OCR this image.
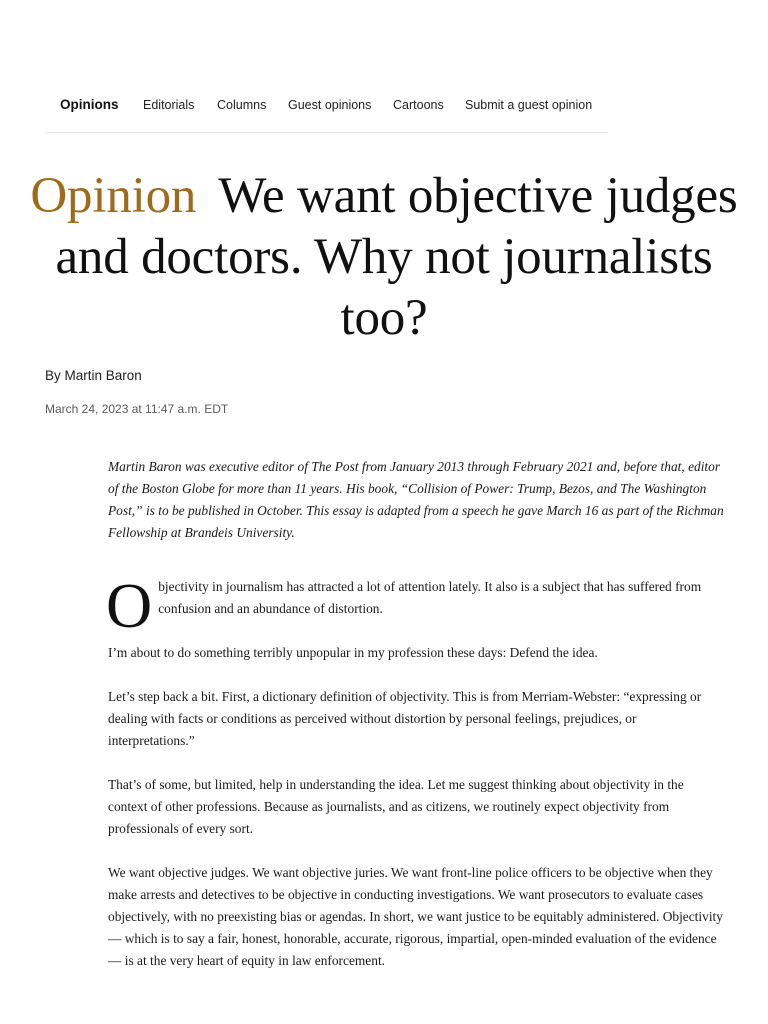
Opinions Editorials Columns Guest opinions Cartoons Submit a guest opinion
Opinion We want objective judges and doctors. Why not journalists too?
By Martin Baron
March 24, 2023 at 11:47 a.m. EDT

Martin Baron was executive editor of The Post from January 2013 through February 2021 and, before that, editor of the Boston Globe for more than 11 years. His book, “Collision of Power: Trump, Bezos, and The Washington Post,” is to be published in October. This essay is adapted from a speech he gave March 16 as part of the Richman Fellowship at Brandeis University.

Objectivity in journalism has attracted a lot of attention lately. It also is a subject that has suffered from confusion and an abundance of distortion.

I’m about to do something terribly unpopular in my profession these days: Defend the idea.

Let’s step back a bit. First, a dictionary definition of objectivity. This is from Merriam-Webster: “expressing or dealing with facts or conditions as perceived without distortion by personal feelings, prejudices, or interpretations.”

That’s of some, but limited, help in understanding the idea. Let me suggest thinking about objectivity in the context of other professions. Because as journalists, and as citizens, we routinely expect objectivity from professionals of every sort.

We want objective judges. We want objective juries. We want front-line police officers to be objective when they make arrests and detectives to be objective in conducting investigations. We want prosecutors to evaluate cases objectively, with no preexisting bias or agendas. In short, we want justice to be equitably administered. Objectivity — which is to say a fair, honest, honorable, accurate, rigorous, impartial, open-minded evaluation of the evidence — is at the very heart of equity in law enforcement.
